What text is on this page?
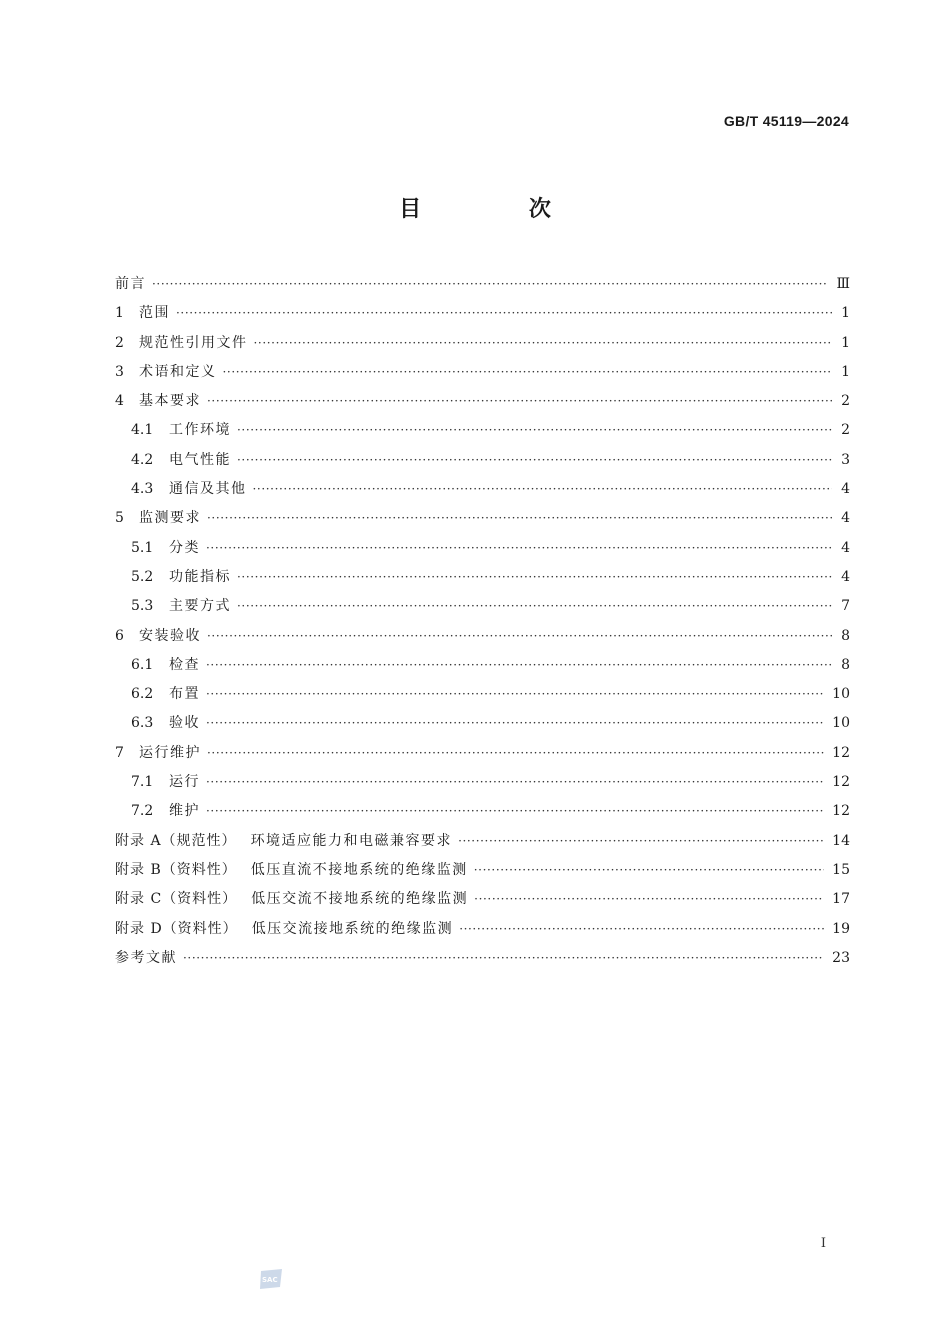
GB/T 45119—2024
目 次
前言 ·····	Ⅲ
1	范围 ·····	1
2	规范性引用文件 ·····	1
3	术语和定义 ·····	1
4	基本要求 ·····	2
4.1	工作环境 ·····	2
4.2	电气性能 ·····	3
4.3	通信及其他 ·····	4
5	监测要求 ·····	4
5.1	分类 ·····	4
5.2	功能指标 ·····	4
5.3	主要方式 ·····	7
6	安装验收 ·····	8
6.1	检查 ·····	8
6.2	布置 ·····	10
6.3	验收 ·····	10
7	运行维护 ·····	12
7.1	运行 ·····	12
7.2	维护 ·····	12
附录 A（规范性）	环境适应能力和电磁兼容要求 ·····	14
附录 B（资料性）	低压直流不接地系统的绝缘监测 ·····	15
附录 C（资料性）	低压交流不接地系统的绝缘监测 ·····	17
附录 D（资料性）	低压交流接地系统的绝缘监测 ·····	19
参考文献 ·····	23
I
SAC
